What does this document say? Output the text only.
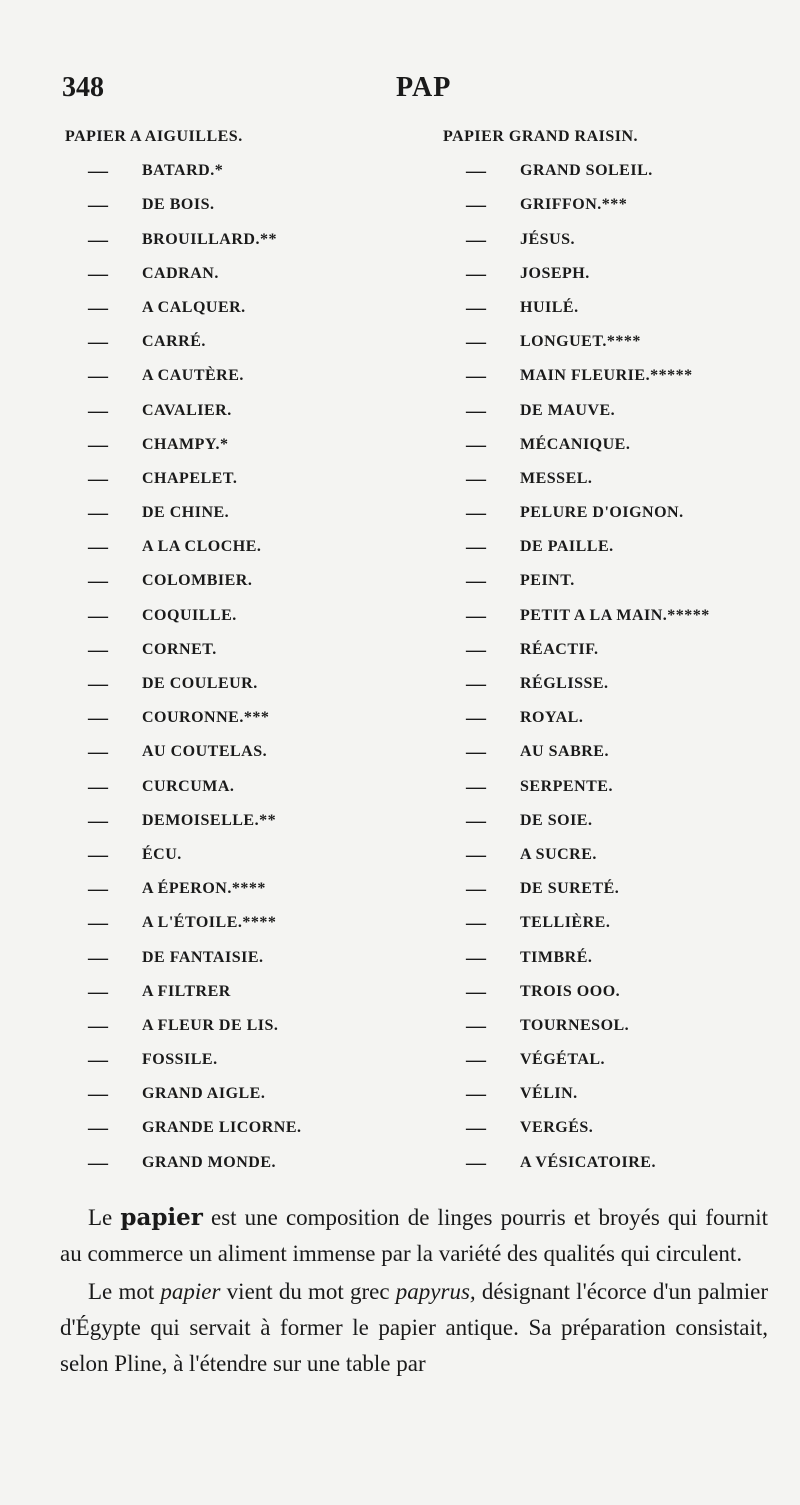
348	PAP
PAPIER A AIGUILLES.
— BATARD.*
— DE BOIS.
— BROUILLARD.**
— CADRAN.
— A CALQUER.
— CARRÉ.
— A CAUTÈRE.
— CAVALIER.
— CHAMPY.*
— CHAPELET.
— DE CHINE.
— A LA CLOCHE.
— COLOMBIER.
— COQUILLE.
— CORNET.
— DE COULEUR.
— COURONNE.***
— AU COUTELAS.
— CURCUMA.
— DEMOISELLE.**
— ÉCU.
— A ÉPERON.****
— A L'ÉTOILE.****
— DE FANTAISIE.
— A FILTRER
— A FLEUR DE LIS.
— FOSSILE.
— GRAND AIGLE.
— GRANDE LICORNE.
— GRAND MONDE.
PAPIER GRAND RAISIN.
— GRAND SOLEIL.
— GRIFFON.***
— JÉSUS.
— JOSEPH.
— HUILÉ.
— LONGUET.****
— MAIN FLEURIE.*****
— DE MAUVE.
— MÉCANIQUE.
— MESSEL.
— PELURE D'OIGNON.
— DE PAILLE.
— PEINT.
— PETIT A LA MAIN.*****
— RÉACTIF.
— RÉGLISSE.
— ROYAL.
— AU SABRE.
— SERPENTE.
— DE SOIE.
— A SUCRE.
— DE SURETÉ.
— TELLIÈRE.
— TIMBRÉ.
— TROIS OOO.
— TOURNESOL.
— VÉGÉTAL.
— VÉLIN.
— VERGÉS.
— A VÉSICATOIRE.

Le papier est une composition de linges pourris et broyés qui fournit au commerce un aliment immense par la variété des qualités qui circulent.

Le mot papier vient du mot grec papyrus, désignant l'écorce d'un palmier d'Égypte qui servait à former le papier antique. Sa préparation consistait, selon Pline, à l'étendre sur une table par
